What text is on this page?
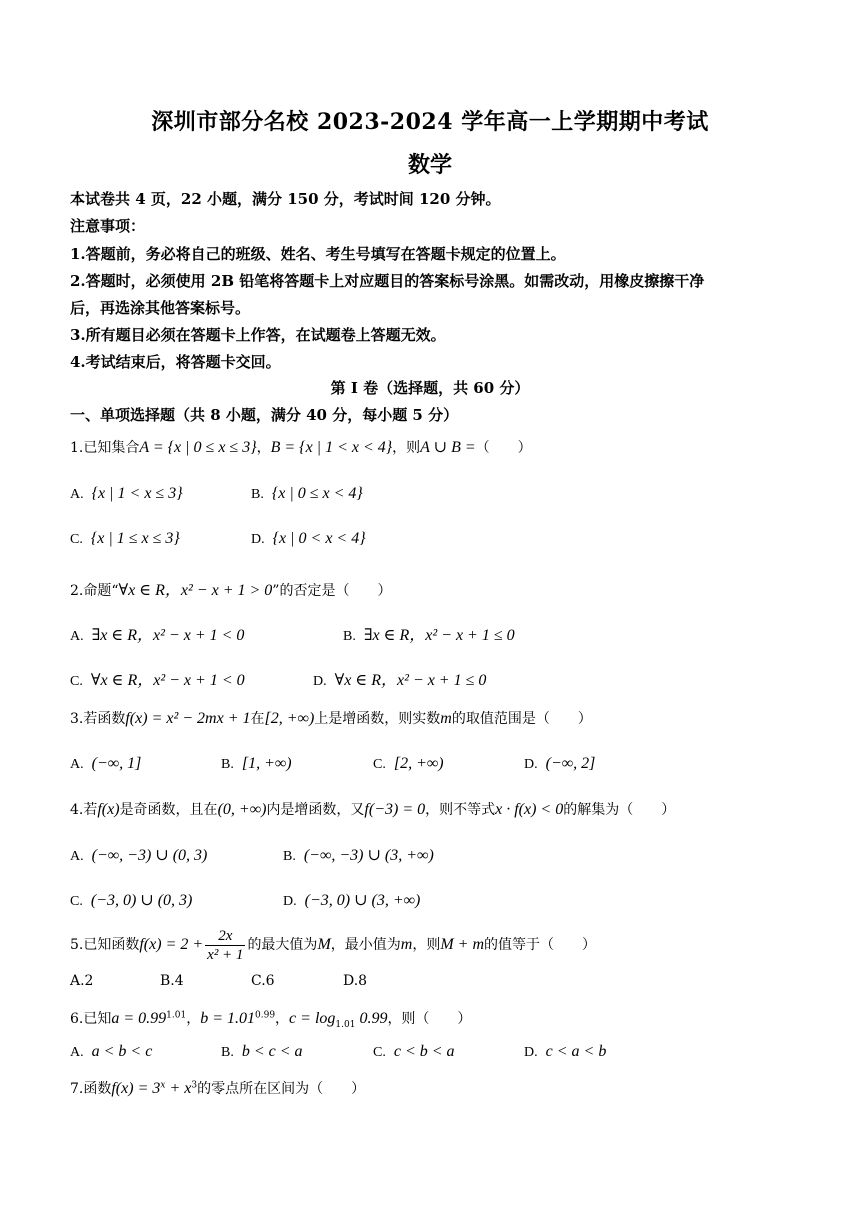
深圳市部分名校 2023-2024 学年高一上学期期中考试
数学
本试卷共 4 页，22 小题，满分 150 分，考试时间 120 分钟。
注意事项：
1.答题前，务必将自己的班级、姓名、考生号填写在答题卡规定的位置上。
2.答题时，必须使用 2B 铅笔将答题卡上对应题目的答案标号涂黑。如需改动，用橡皮擦擦干净
后，再选涂其他答案标号。
3.所有题目必须在答题卡上作答，在试题卷上答题无效。
4.考试结束后，将答题卡交回。
第 I 卷（选择题，共 60 分）
一、单项选择题（共 8 小题，满分 40 分，每小题 5 分）
1.已知集合A = {x | 0 ≤ x ≤ 3}，B = {x | 1 < x < 4}，则A ∪ B =（　　）
A. {x | 1 < x ≤ 3}	B. {x | 0 ≤ x < 4}
C. {x | 1 ≤ x ≤ 3}	D. {x | 0 < x < 4}
2.命题“∀x ∈ R，x² − x + 1 > 0”的否定是（　　）
A. ∃x ∈ R，x² − x + 1 < 0	B. ∃x ∈ R，x² − x + 1 ≤ 0
C. ∀x ∈ R，x² − x + 1 < 0	D. ∀x ∈ R，x² − x + 1 ≤ 0
3.若函数f(x) = x² − 2mx + 1在[2, +∞)上是增函数，则实数m的取值范围是（　　）
A. (−∞, 1]	B. [1, +∞)	C. [2, +∞)	D. (−∞, 2]
4.若f(x)是奇函数，且在(0, +∞)内是增函数，又f(−3) = 0，则不等式x · f(x) < 0的解集为（　　）
A. (−∞, −3) ∪ (0, 3)	B. (−∞, −3) ∪ (3, +∞)
C. (−3, 0) ∪ (0, 3)	D. (−3, 0) ∪ (3, +∞)
5.已知函数$f(x) = 2 + \frac{2x}{\text{x² + 1}}$ 的最大值为M，最小值为m，则M + m的值等于（　　）
A.2	B.4	C.6	D.8
6.已知$a = 0.99^{1.01}$，$b = 1.01^{0.99}$，$c = \log_{1.01} 0.99$，则（　　）
A. a < b < c	B. b < c < a	C. c < b < a	D. c < a < b
7.函数$f(x) = 3^x + x^3$的零点所在区间为（　　）
